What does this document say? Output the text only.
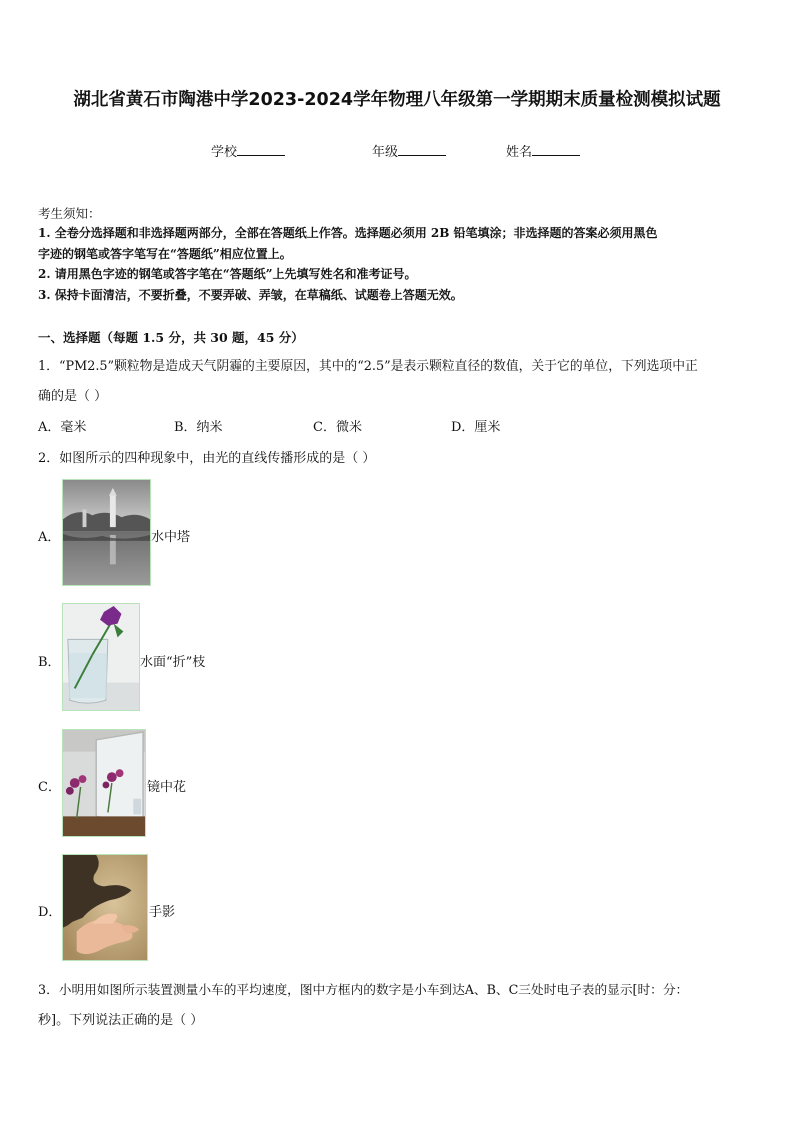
湖北省黄石市陶港中学2023-2024学年物理八年级第一学期期末质量检测模拟试题
学校	年级	姓名
考生须知：
1. 全卷分选择题和非选择题两部分，全部在答题纸上作答。选择题必须用 2B 铅笔填涂；非选择题的答案必须用黑色
字迹的钢笔或答字笔写在“答题纸”相应位置上。
2. 请用黑色字迹的钢笔或答字笔在“答题纸”上先填写姓名和准考证号。
3. 保持卡面清洁，不要折叠，不要弄破、弄皱，在草稿纸、试题卷上答题无效。
一、选择题（每题 1.5 分，共 30 题，45 分）
1．“PM2.5”颗粒物是造成天气阴霾的主要原因，其中的“2.5”是表示颗粒直径的数值，关于它的单位，下列选项中正
确的是（ ）
A．毫米	B．纳米	C．微米	D．厘米
2．如图所示的四种现象中，由光的直线传播形成的是（ ）
A．	水中塔
B．	水面“折”枝
C．	镜中花
D．	手影
3．小明用如图所示装置测量小车的平均速度，图中方框内的数字是小车到达A、B、C三处时电子表的显示[时：分：
秒]。下列说法正确的是（ ）
